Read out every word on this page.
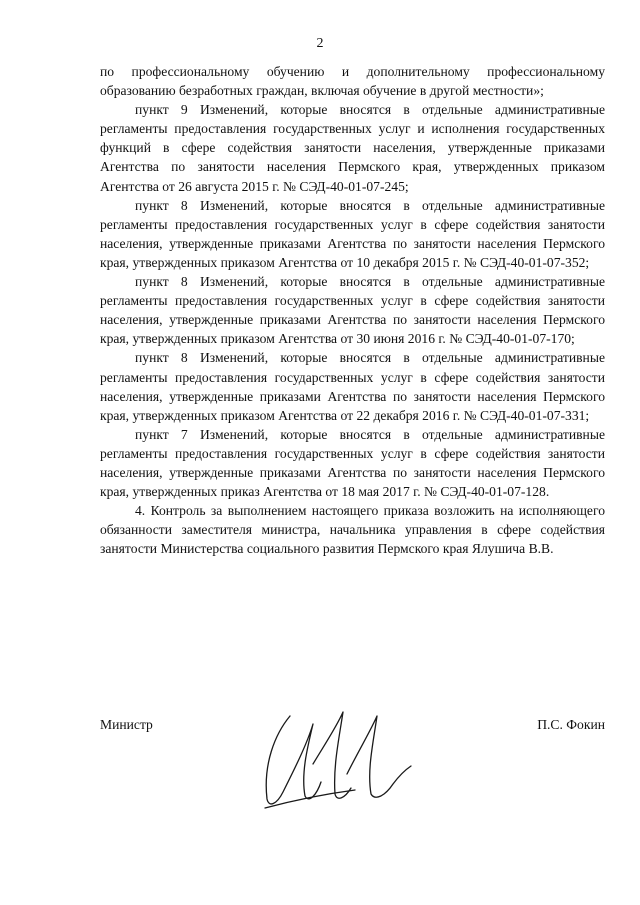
2

по профессиональному обучению и дополнительному профессиональному образованию безработных граждан, включая обучение в другой местности»;

пункт 9 Изменений, которые вносятся в отдельные административные регламенты предоставления государственных услуг и исполнения государственных функций в сфере содействия занятости населения, утвержденные приказами Агентства по занятости населения Пермского края, утвержденных приказом Агентства от 26 августа 2015 г. № СЭД-40-01-07-245;

пункт 8 Изменений, которые вносятся в отдельные административные регламенты предоставления государственных услуг в сфере содействия занятости населения, утвержденные приказами Агентства по занятости населения Пермского края, утвержденных приказом Агентства от 10 декабря 2015 г. № СЭД-40-01-07-352;

пункт 8 Изменений, которые вносятся в отдельные административные регламенты предоставления государственных услуг в сфере содействия занятости населения, утвержденные приказами Агентства по занятости населения Пермского края, утвержденных приказом Агентства от 30 июня 2016 г. № СЭД-40-01-07-170;

пункт 8 Изменений, которые вносятся в отдельные административные регламенты предоставления государственных услуг в сфере содействия занятости населения, утвержденные приказами Агентства по занятости населения Пермского края, утвержденных приказом Агентства от 22 декабря 2016 г. № СЭД-40-01-07-331;

пункт 7 Изменений, которые вносятся в отдельные административные регламенты предоставления государственных услуг в сфере содействия занятости населения, утвержденные приказами Агентства по занятости населения Пермского края, утвержденных приказ Агентства от 18 мая 2017 г. № СЭД-40-01-07-128.

4. Контроль за выполнением настоящего приказа возложить на исполняющего обязанности заместителя министра, начальника управления в сфере содействия занятости Министерства социального развития Пермского края Ялушича В.В.

Министр	П.С. Фокин
